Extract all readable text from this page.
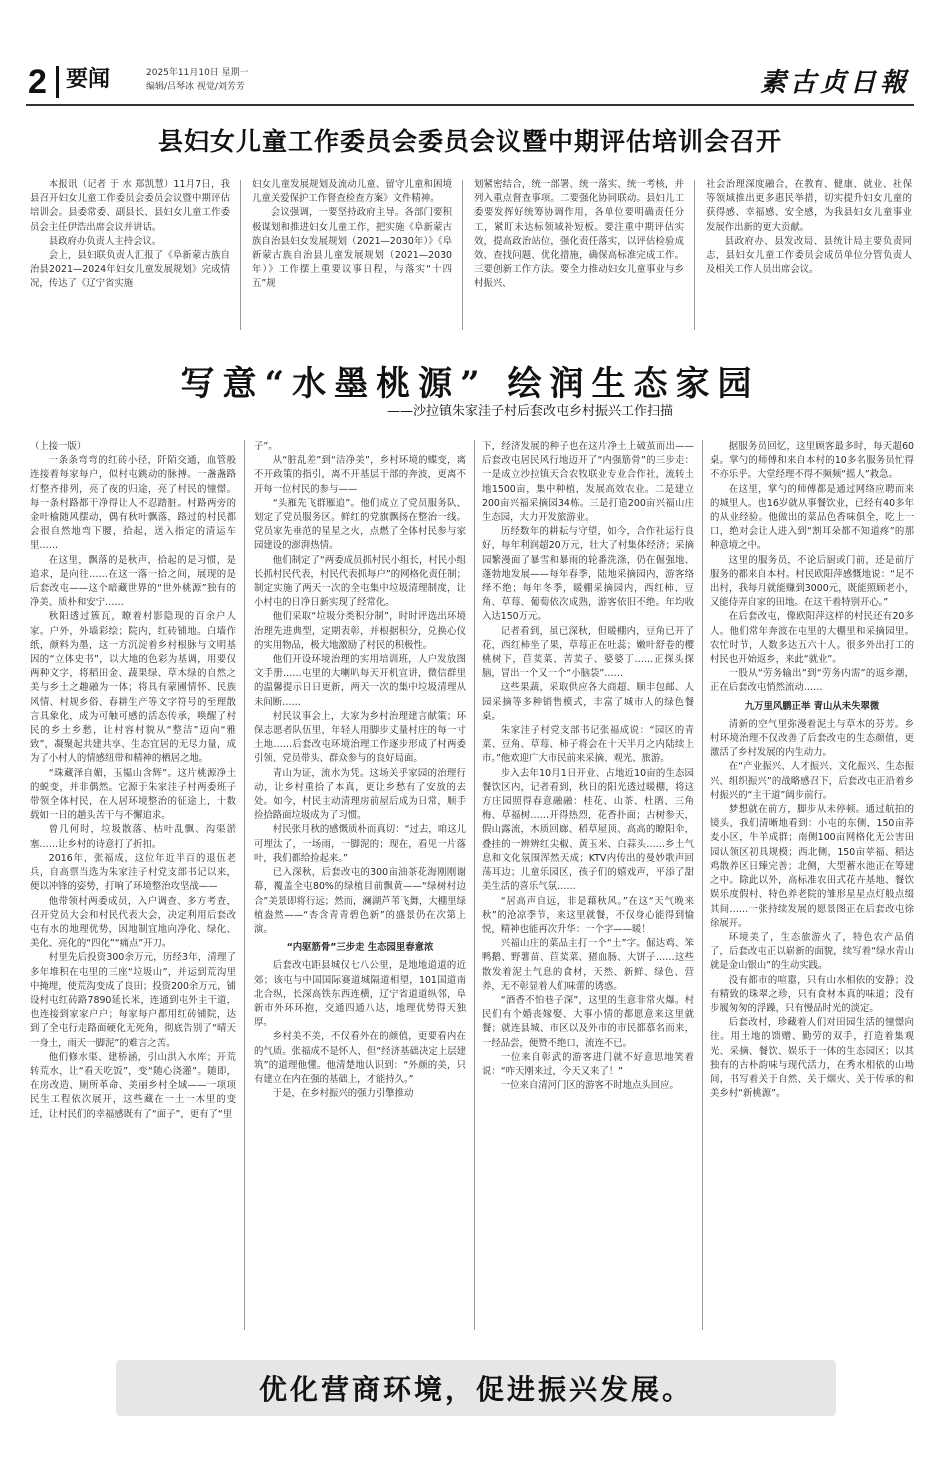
2 要闻	2025年11月10日 星期一
编辑/吕琴冰 视觉/刘芳芳	素古贞日報
县妇女儿童工作委员会委员会议暨中期评估培训会召开

本报讯（记者 于 水 郑凯慧）11月7日，我县召开妇女儿童工作委员会委员会议暨中期评估培训会。县委常委、副县长、县妇女儿童工作委员会主任伊浩出席会议并讲话。

县政府办负责人主持会议。

会上，县妇联负责人汇报了《阜新蒙古族自治县2021—2024年妇女儿童发展规划》完成情况，传达了《辽宁省实施

妇女儿童发展规划及流动儿童、留守儿童和困境儿童关爱保护工作督查检查方案》文件精神。

会议强调，一要坚持政府主导。各部门要积极谋划和推进妇女儿童工作，把实施《阜新蒙古族自治县妇女发展规划（2021—2030年）》《阜新蒙古族自治县儿童发展规划（2021—2030年）》工作摆上重要议事日程，与落实“十四五”规

划紧密结合，统一部署、统一落实、统一考核，并列入重点督查事项。二要强化协同联动。县妇儿工委要发挥好统筹协调作用，各单位要明确责任分工，紧盯未达标领域补短板。要注重中期评估实效，提高政治站位，强化责任落实，以评估检验成效、查找问题、优化措施，确保高标准完成工作。三要创新工作方法。要全力推动妇女儿童事业与乡村振兴、

社会治理深度融合，在教育、健康、就业、社保等领域推出更多惠民举措，切实提升妇女儿童的获得感、幸福感、安全感，为我县妇女儿童事业发展作出新的更大贡献。

县政府办、县发改局、县统计局主要负责同志，县妇女儿童工作委员会成员单位分管负责人及相关工作人员出席会议。

写意“水墨桃源” 绘润生态家园
——沙拉镇朱家洼子村后套改屯乡村振兴工作扫描

（上接一版）

一条条弯弯的红砖小径，阡陌交通，血管般连接着每家每户，似村屯跳动的脉搏。一盏盏路灯整齐排列，亮了夜的归途，亮了村民的憧憬。每一条村路都干净得让人不忍踏脏。村路两旁的金叶榆随风摆动，偶有秋叶飘落，路过的村民都会很自然地弯下腰，拾起，送入指定的清运车里……

在这里，飘落的是秋声，拾起的是习惯，是追求，是向往……在这一落一拾之间，展现的是后套改屯——这个暗藏世界的“世外桃源”独有的净美、质朴和安宁……

秋阳透过簇瓦，瞭着村影隐现的百余户人家。户外，外墙彩绘；院内，红砖铺地。白墙作纸，颜料为墨，这一方沉淀着乡村根脉与文明基因的“立体史书”，以大地的色彩为基调，用要仅两种文字，将稻田金、蔬果绿、草木绿的自然之美与乡土之趣融为一体；将具有蒙圃情怀、民族风情、村规乡俗、春耕生产等文字符号的至理散言具象化，成为可触可感的活态传承，唤醒了村民的乡土乡愁，让村容村貌从“整洁”迈向“雅致”，凝聚起共建共享、生态宜居的无尽力量，成为了小村人的情感纽带和精神的栖居之地。

“珠藏泽自媚，玉韫山含辉”。这片桃源净土的蜕变，并非偶然。它源于朱家洼子村两委班子带领全体村民，在人居环境整治的征途上，十数载如一日的趟头苦干与不懈追求。

曾几何时，垃圾散落、枯叶乱飘、沟渠淤塞……让乡村的诗意打了折扣。

2016年，张福成，这位年近半百的退伍老兵，自高票当选为朱家洼子村党支部书记以来，便以冲锋的姿势，打响了环境整治攻坚战——

他带领村两委成员，入户调查、多方考查，召开党员大会和村民代表大会，决定利用后套改屯有水的地理优势，因地制宜地向净化、绿化、美化、亮化的“四化”“痛点”开刀。

村里先后投资300余万元，历经3年，清理了多年堆积在屯里的三座“垃圾山”，并运到荒沟里中掩埋，使荒沟变成了良田；投资200余万元，铺设村屯红砖路7890延长米，连通到屯外主干道，也连接到家家户户；每家每户都用红砖铺院，达到了全屯行走路面硬化无死角，彻底告别了“晴天一身土，雨天一脚泥”的难言之苦。

他们修水渠、建桥涵，引山洪入水库；开荒转荒水，让“看天吃饭”，变“随心浇灌”。随即，在房改造、厕所革命、美丽乡村全域——一项项民生工程依次展开，这些藏在一土一木里的变迁，让村民们的幸福感既有了“面子”，更有了“里

子”。

从“脏乱差”到“洁净美”，乡村环境的蝶变，离不开政策的指引，离不开基层干部的奔波，更离不开每一位村民的参与——

“头雁先飞群雁追”。他们成立了党员服务队、划定了党员服务区。鲜红的党旗飘扬在整治一线。党员家先垂范的星星之火，点燃了全体村民参与家园建设的澎湃热情。

他们制定了“两委成员抓村民小组长，村民小组长抓村民代表，村民代表抓每户”的网格化责任制；制定实施了两天一次的全屯集中垃圾清理制度，让小村屯的日净日新实现了经常化。

他们采取“垃圾分类积分制”，时时评选出环境治理先进典型，定期表彰，并根据积分，兑换心仪的实用物品，极大地激励了村民的积极性。

他们开设环境治理的实用培训班，人户发放图文手册……屯里的大喇叭每天开机宣讲，微信群里的温馨提示日日更新，两天一次的集中垃圾清理从未间断……

村民议事会上，大家为乡村治理建言献策；环保志愿者队伍里，年轻人用脚步丈量村庄的每一寸土地……后套改屯环境治理工作逐步形成了村两委引领、党员带头、群众参与的良好局面。

青山为证，流水为凭。这场关乎家园的治理行动，让乡村重拾了本真，更让乡愁有了安放的去处。如今，村民主动清理房前屋后成为日常，顺手捡拾路面垃圾成为了习惯。

村民张月秋的感慨质朴而真切：“过去，咱这儿可埋汰了，一场雨，一脚泥的；现在，看见一片落叶，我们都给捡起来。”

已入深秋，后套改屯的300亩油茶花海刚刚谢幕，覆盖全屯80%的绿植目前飘黄——“绿树村边合”美景即将行远；然而，澜湖芦苇飞舞，大棚里绿植盎然——“杏含青青碧色新”的盛景仍在次第上演。

“内驱筋骨”三步走 生态园里春意浓

后套改屯距县城仅七八公里，是地地道道的近郊；该屯与中国国际赛道城隔道相望，101国道南北合纵，长深高铁东西连横，辽宁省道道纵邻，阜新市外环环抱，交通四通八达，地理优势得天独厚。

乡村美不美，不仅看外在的颜值，更要看内在的气质。张福成不是怀人，但“经济基础决定上层建筑”的道理他懂。他清楚地认识到：“外颜的美，只有建立在内在强的基础上，才能持久。”

于是，在乡村振兴的强力引擎推动

下，经济发展的种子也在这片净土上破茧而出——后套改屯居民风行地迈开了“内强筋骨”的三步走：一是成立沙拉镇天合农牧联业专业合作社，流转土地1500亩，集中种植，发展高效农业。二是建立200亩兴福采摘园34栋。三是打造200亩兴福山庄生态园，大力开发旅游业。

历经数年的耕耘与守望，如今，合作社运行良好，每年利润超20万元，壮大了村集体经济；采摘园繁漫面了暴雪和暴雨的轮番洗涤，仍在倔强地、蓬勃地发展——每年春季，陆地采摘园内，游客络绎不绝；每年冬季，暖棚采摘园内，西红柿、豆角、草莓、葡萄依次成熟，游客依旧不绝。年均收入达150万元。

记者看到，虽已深秋，但暖棚内，豆角已开了花，西红柿坐了果，草莓正在吐蕊；嫩叶舒卷的樱桃树下，苣荬菜、苦荬子、婆婆丁……正探头探脑，冒出一个又一个“小脑袋”……

这些果蔬，采取供应各大商超、顺丰包邮、人园采摘等多种销售模式，丰富了城市人的绿色餐桌。

朱家洼子村党支部书记张福成说：“园区的青菜、豆角、草莓、柿子将会在十天半月之内陆续上市。”他欢迎广大市民前来采摘、观光、旅游。

步入去年10月1日开业、占地近10亩的生态园餐饮区内，记者看到，秋日的阳光透过暖棚，将这方庄园照得春意融融：桂花、山茶、杜鹃、三角梅、草福树……开得热烈，花香扑面；古树参天，假山露流，木质回廊、稻草屋顶、高高的瞭阳伞，叠挂的一辨辨红尖椒、黄玉米、白蒜头……乡土气息和文化氛围浑然天成；KTV内传出的曼妙歌声回荡耳边；儿童乐园区，孩子们的嬉戏声，平添了甜美生活的喜乐气氛……

“居高声自远，非是藉秋风。”在这“天气晚来秋”的沧凉季节，来这里就餐，不仅身心能得到愉悦，精神也能再次升华：一个字——暖！

兴福山庄的菜品主打一个“土”字。倔达鸡、笨鸭鹅、野薯苗、苣荬菜、猪血肠、大饼子……这些散发着泥土气息的食材，天然、新鲜、绿色、营养，无不彰显着人们味蕾的诱惑。

“酒香不怕巷子深”，这里的生意非常火爆。村民们有个婚丧嫁娶、大事小情的都愿意来这里就餐；就连县城、市区以及外市的市民都慕名而来，一经品尝，便赞不绝口，流连不已。

一位来自彰武的游客进门就不好意思地笑着说：“咋天刚来过，今天又来了！”

一位来自清河门区的游客不时地点头回应。

据服务员回忆，这里顾客最多时，每天超60桌。掌勺的师傅和来自本村的10多名服务员忙得不亦乐乎。大堂经理不得不频频“摇人”救急。

在这里，掌勺的师傅都是通过网络应聘而来的城里人。也16岁就从事餐饮业，已经有40多年的从业经验。他做出的菜品色香味俱全，吃上一口，绝对会让人进入到“割耳朵都不知道疼”的那种意境之中。

这里的服务员，不论后厨或门前，还是前厅服务的都来自本村。村民欧阳萍感慨地说：“足不出村，我每月就能赚到3000元，既能照顾老小，又能侍弄自家的田地。在这干着特别开心。”

在后套改屯，像欧阳萍这样的村民还有20多人。他们常年奔波在屯里的大棚里和采摘园里。农忙时节，人数多达五六十人。很多外出打工的村民也开始返乡，来此“就业”。

一股从“劳务输出”到“劳务内需”的返乡潮，正在后套改屯悄然流动……

九万里风鹏正举 青山从未失翠微

清新的空气里弥漫着泥土与草木的芬芳。乡村环境治理不仅改善了后套改屯的生态颜值，更激活了乡村发展的内生动力。

在“产业振兴、人才振兴、文化振兴、生态振兴、组织振兴”的战略感召下，后套改屯正沿着乡村振兴的“主干道”阔步前行。

梦想就在前方，脚步从未停顿。通过航拍的镜头，我们清晰地看到：小屯的东侧，150亩荞麦小区，牛羊成群；南侧100亩网格化无公害田园认领区初具规模；西北侧，150亩苹福、稻达鸡散养区日臻完善；北侧，大型蓄水池正在筹建之中。除此以外，高标准农田式花卉基地、餐饮娱乐度假村、特色养老院的雏形星星点灯般点缀其间……一张持续发展的愿景图正在后套改屯徐徐展开。

环境美了，生态旅游火了，特色农产品俏了，后套改屯正以崭新的面貌，续写着“绿水青山就是金山银山”的生动实践。

没有都市的喧嚣，只有山水相依的安静；没有精致的珠翠之珍，只有食材本真的味道；没有步履匆匆的浮躁，只有慢品时光的淡定。

后套改村，珍藏着人们对田园生活的憧憬向往。用土地的馈赠、勤劳的双手，打造着集观光、采摘、餐饮、娱乐于一体的生态园区；以其独有的古朴韵味与现代活力，在秀水相依的山坳间，书写着关于自然、关于烟火、关于传承的和美乡村“新桃源”。

优化营商环境，促进振兴发展。
